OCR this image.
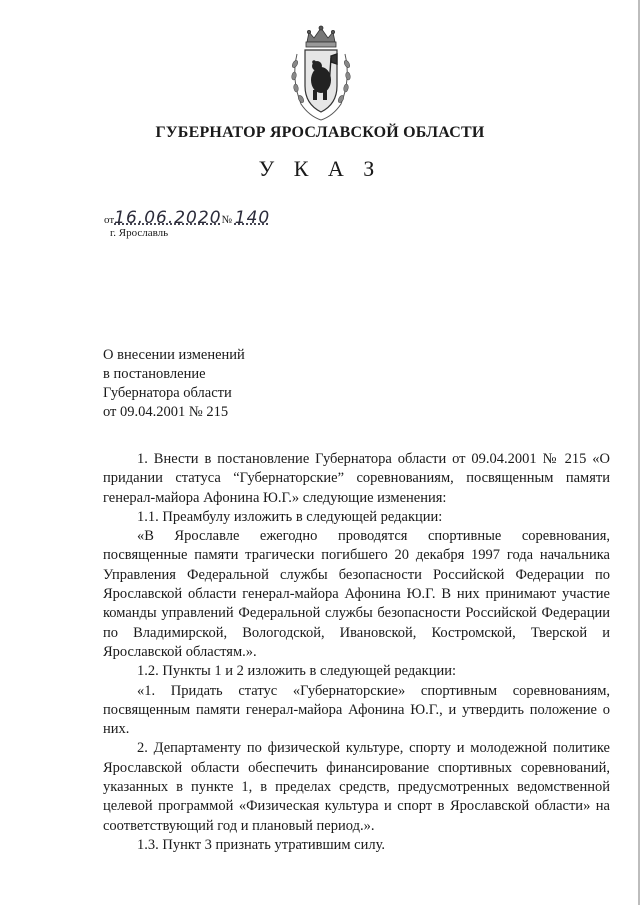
ГУБЕРНАТОР ЯРОСЛАВСКОЙ ОБЛАСТИ
У К А З
от16.06.2020№ 140
г. Ярославль
О внесении изменений
в постановление
Губернатора области
от 09.04.2001 № 215

1. Внести в постановление Губернатора области от 09.04.2001 № 215 «О придании статуса “Губернаторские” соревнованиям, посвященным памяти генерал-майора Афонина Ю.Г.» следующие изменения:

1.1. Преамбулу изложить в следующей редакции:

«В Ярославле ежегодно проводятся спортивные соревнования, посвященные памяти трагически погибшего 20 декабря 1997 года начальника Управления Федеральной службы безопасности Российской Федерации по Ярославской области генерал-майора Афонина Ю.Г. В них принимают участие команды управлений Федеральной службы безопасности Российской Федерации по Владимирской, Вологодской, Ивановской, Костромской, Тверской и Ярославской областям.».

1.2. Пункты 1 и 2 изложить в следующей редакции:

«1. Придать статус «Губернаторские» спортивным соревнованиям, посвященным памяти генерал-майора Афонина Ю.Г., и утвердить положение о них.

2. Департаменту по физической культуре, спорту и молодежной политике Ярославской области обеспечить финансирование спортивных соревнований, указанных в пункте 1, в пределах средств, предусмотренных ведомственной целевой программой «Физическая культура и спорт в Ярославской области» на соответствующий год и плановый период.».

1.3. Пункт 3 признать утратившим силу.
